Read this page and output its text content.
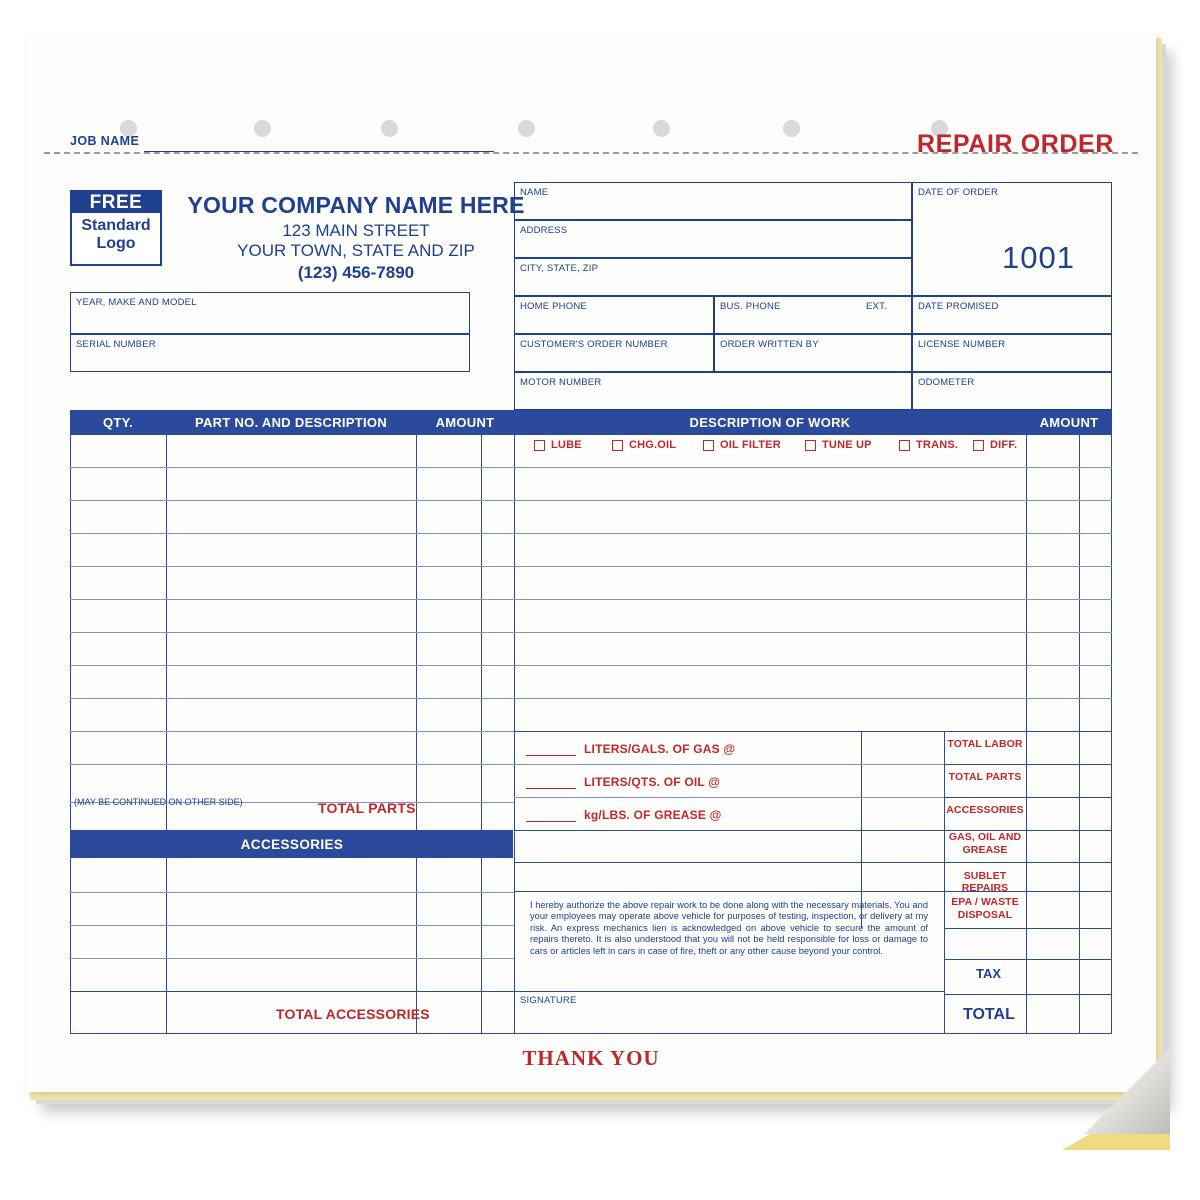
JOB NAME	REPAIR ORDER
FREE
Standard
Logo
YOUR COMPANY NAME HERE
123 MAIN STREET
YOUR TOWN, STATE AND ZIP
(123) 456-7890
YEAR, MAKE AND MODEL
SERIAL NUMBER
NAME
ADDRESS
CITY, STATE, ZIP
HOME PHONE	BUS. PHONE	EXT.
CUSTOMER'S ORDER NUMBER	ORDER WRITTEN BY
MOTOR NUMBER
DATE OF ORDER
1001
DATE PROMISED
LICENSE NUMBER
ODOMETER
QTY.	PART NO. AND DESCRIPTION	AMOUNT	DESCRIPTION OF WORK	AMOUNT
LUBE	CHG.OIL	OIL FILTER	TUNE UP	TRANS.	DIFF.
LITERS/GALS. OF GAS @
LITERS/QTS. OF OIL @
kg/LBS. OF GREASE @
TOTAL LABOR
TOTAL PARTS
ACCESSORIES
GAS, OIL AND GREASE
SUBLET REPAIRS
EPA / WASTE DISPOSAL
TAX
TOTAL
(MAY BE CONTINUED ON OTHER SIDE)	TOTAL PARTS
ACCESSORIES
TOTAL ACCESSORIES
I hereby authorize the above repair work to be done along with the necessary materials. You and your employees may operate above vehicle for purposes of testing, inspection, or delivery at my risk. An express mechanics lien is acknowledged on above vehicle to secure the amount of repairs thereto. It is also understood that you will not be held responsible for loss or damage to cars or articles left in cars in case of fire, theft or any other cause beyond your control.
SIGNATURE
THANK YOU
